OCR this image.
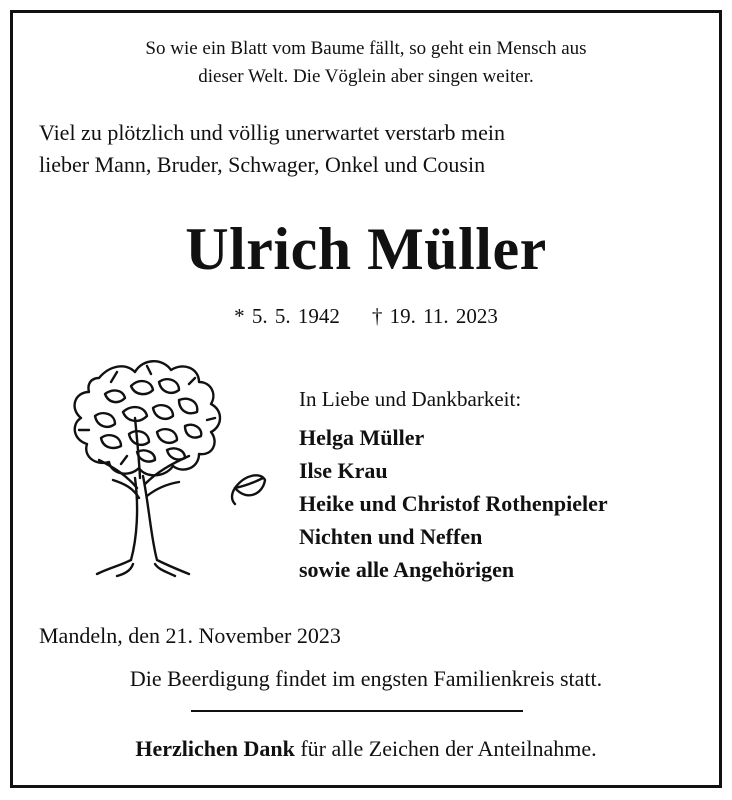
So wie ein Blatt vom Baume fällt, so geht ein Mensch aus
dieser Welt. Die Vöglein aber singen weiter.
Viel zu plötzlich und völlig unerwartet verstarb mein
lieber Mann, Bruder, Schwager, Onkel und Cousin
Ulrich Müller
* 5. 5. 1942 † 19. 11. 2023
In Liebe und Dankbarkeit:
Helga Müller
Ilse Krau
Heike und Christof Rothenpieler
Nichten und Neffen
sowie alle Angehörigen
Mandeln, den 21. November 2023
Die Beerdigung findet im engsten Familienkreis statt.
Herzlichen Dank für alle Zeichen der Anteilnahme.
